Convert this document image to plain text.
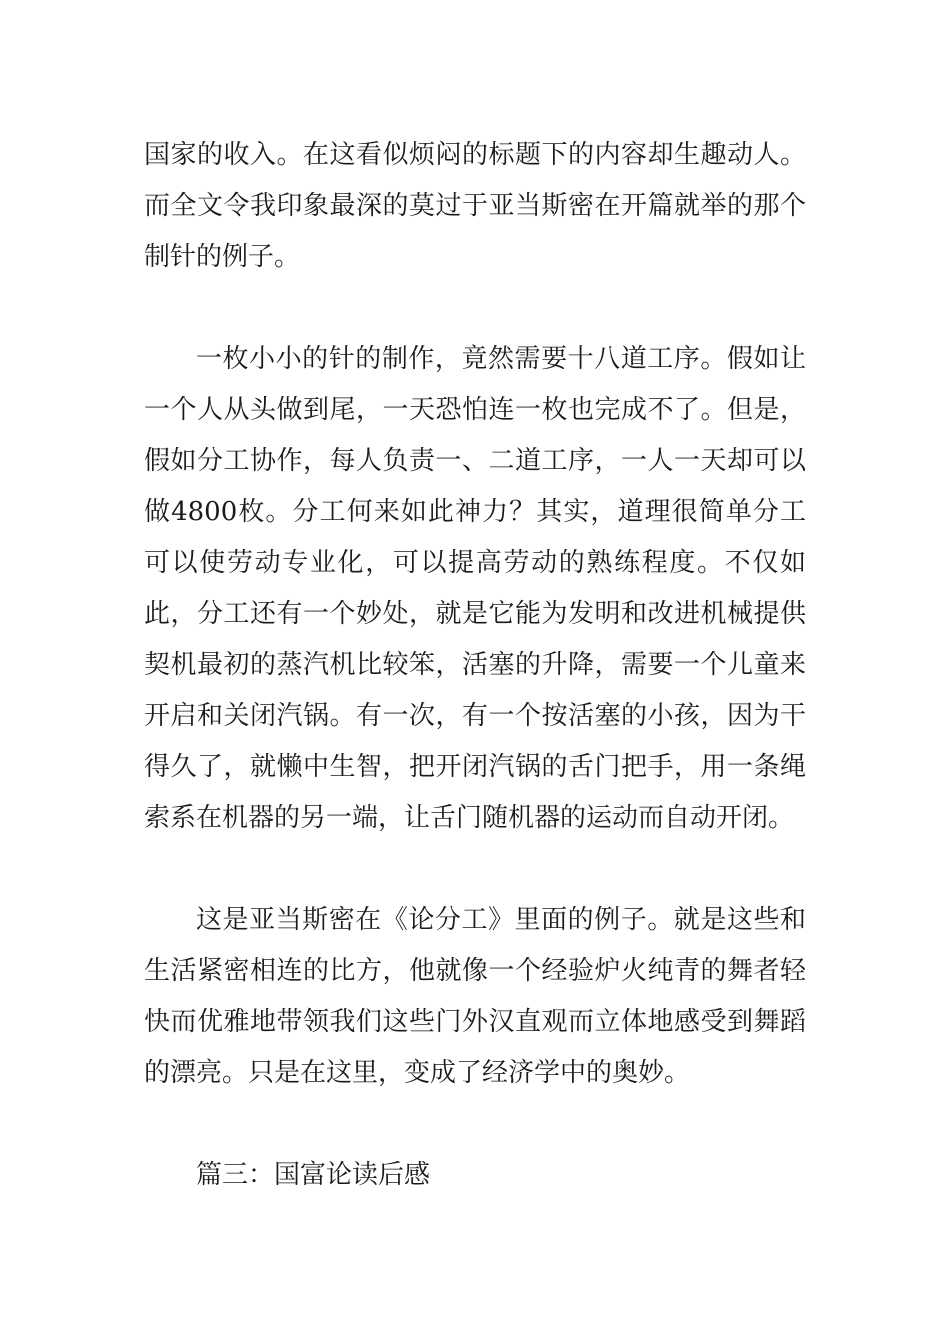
国家的收入。在这看似烦闷的标题下的内容却生趣动人。而全文令我印象最深的莫过于亚当斯密在开篇就举的那个制针的例子。

一枚小小的针的制作，竟然需要十八道工序。假如让一个人从头做到尾，一天恐怕连一枚也完成不了。但是，假如分工协作，每人负责一、二道工序，一人一天却可以做4800枚。分工何来如此神力？其实，道理很简单分工可以使劳动专业化，可以提高劳动的熟练程度。不仅如此，分工还有一个妙处，就是它能为发明和改进机械提供契机最初的蒸汽机比较笨，活塞的升降，需要一个儿童来开启和关闭汽锅。有一次，有一个按活塞的小孩，因为干得久了，就懒中生智，把开闭汽锅的舌门把手，用一条绳索系在机器的另一端，让舌门随机器的运动而自动开闭。

这是亚当斯密在《论分工》里面的例子。就是这些和生活紧密相连的比方，他就像一个经验炉火纯青的舞者轻快而优雅地带领我们这些门外汉直观而立体地感受到舞蹈的漂亮。只是在这里，变成了经济学中的奥妙。

篇三：国富论读后感
